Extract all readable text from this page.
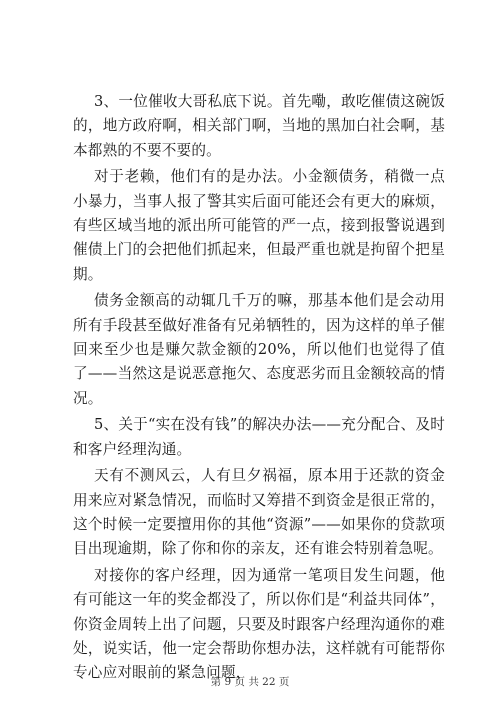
3、一位催收大哥私底下说。首先嘞，敢吃催债这碗饭的，地方政府啊，相关部门啊，当地的黑加白社会啊，基本都熟的不要不要的。

对于老赖，他们有的是办法。小金额债务，稍微一点小暴力，当事人报了警其实后面可能还会有更大的麻烦，有些区域当地的派出所可能管的严一点，接到报警说遇到催债上门的会把他们抓起来，但最严重也就是拘留个把星期。

债务金额高的动辄几千万的嘛，那基本他们是会动用所有手段甚至做好准备有兄弟牺牲的，因为这样的单子催回来至少也是赚欠款金额的20%，所以他们也觉得了值了——当然这是说恶意拖欠、态度恶劣而且金额较高的情况。

5、关于“实在没有钱”的解决办法——充分配合、及时和客户经理沟通。

天有不测风云，人有旦夕祸福，原本用于还款的资金用来应对紧急情况，而临时又筹措不到资金是很正常的，这个时候一定要擅用你的其他“资源”——如果你的贷款项目出现逾期，除了你和你的亲友，还有谁会特别着急呢。

对接你的客户经理，因为通常一笔项目发生问题，他有可能这一年的奖金都没了，所以你们是“利益共同体”，你资金周转上出了问题，只要及时跟客户经理沟通你的难处，说实话，他一定会帮助你想办法，这样就有可能帮你专心应对眼前的紧急问题，

第 9 页 共 22 页
